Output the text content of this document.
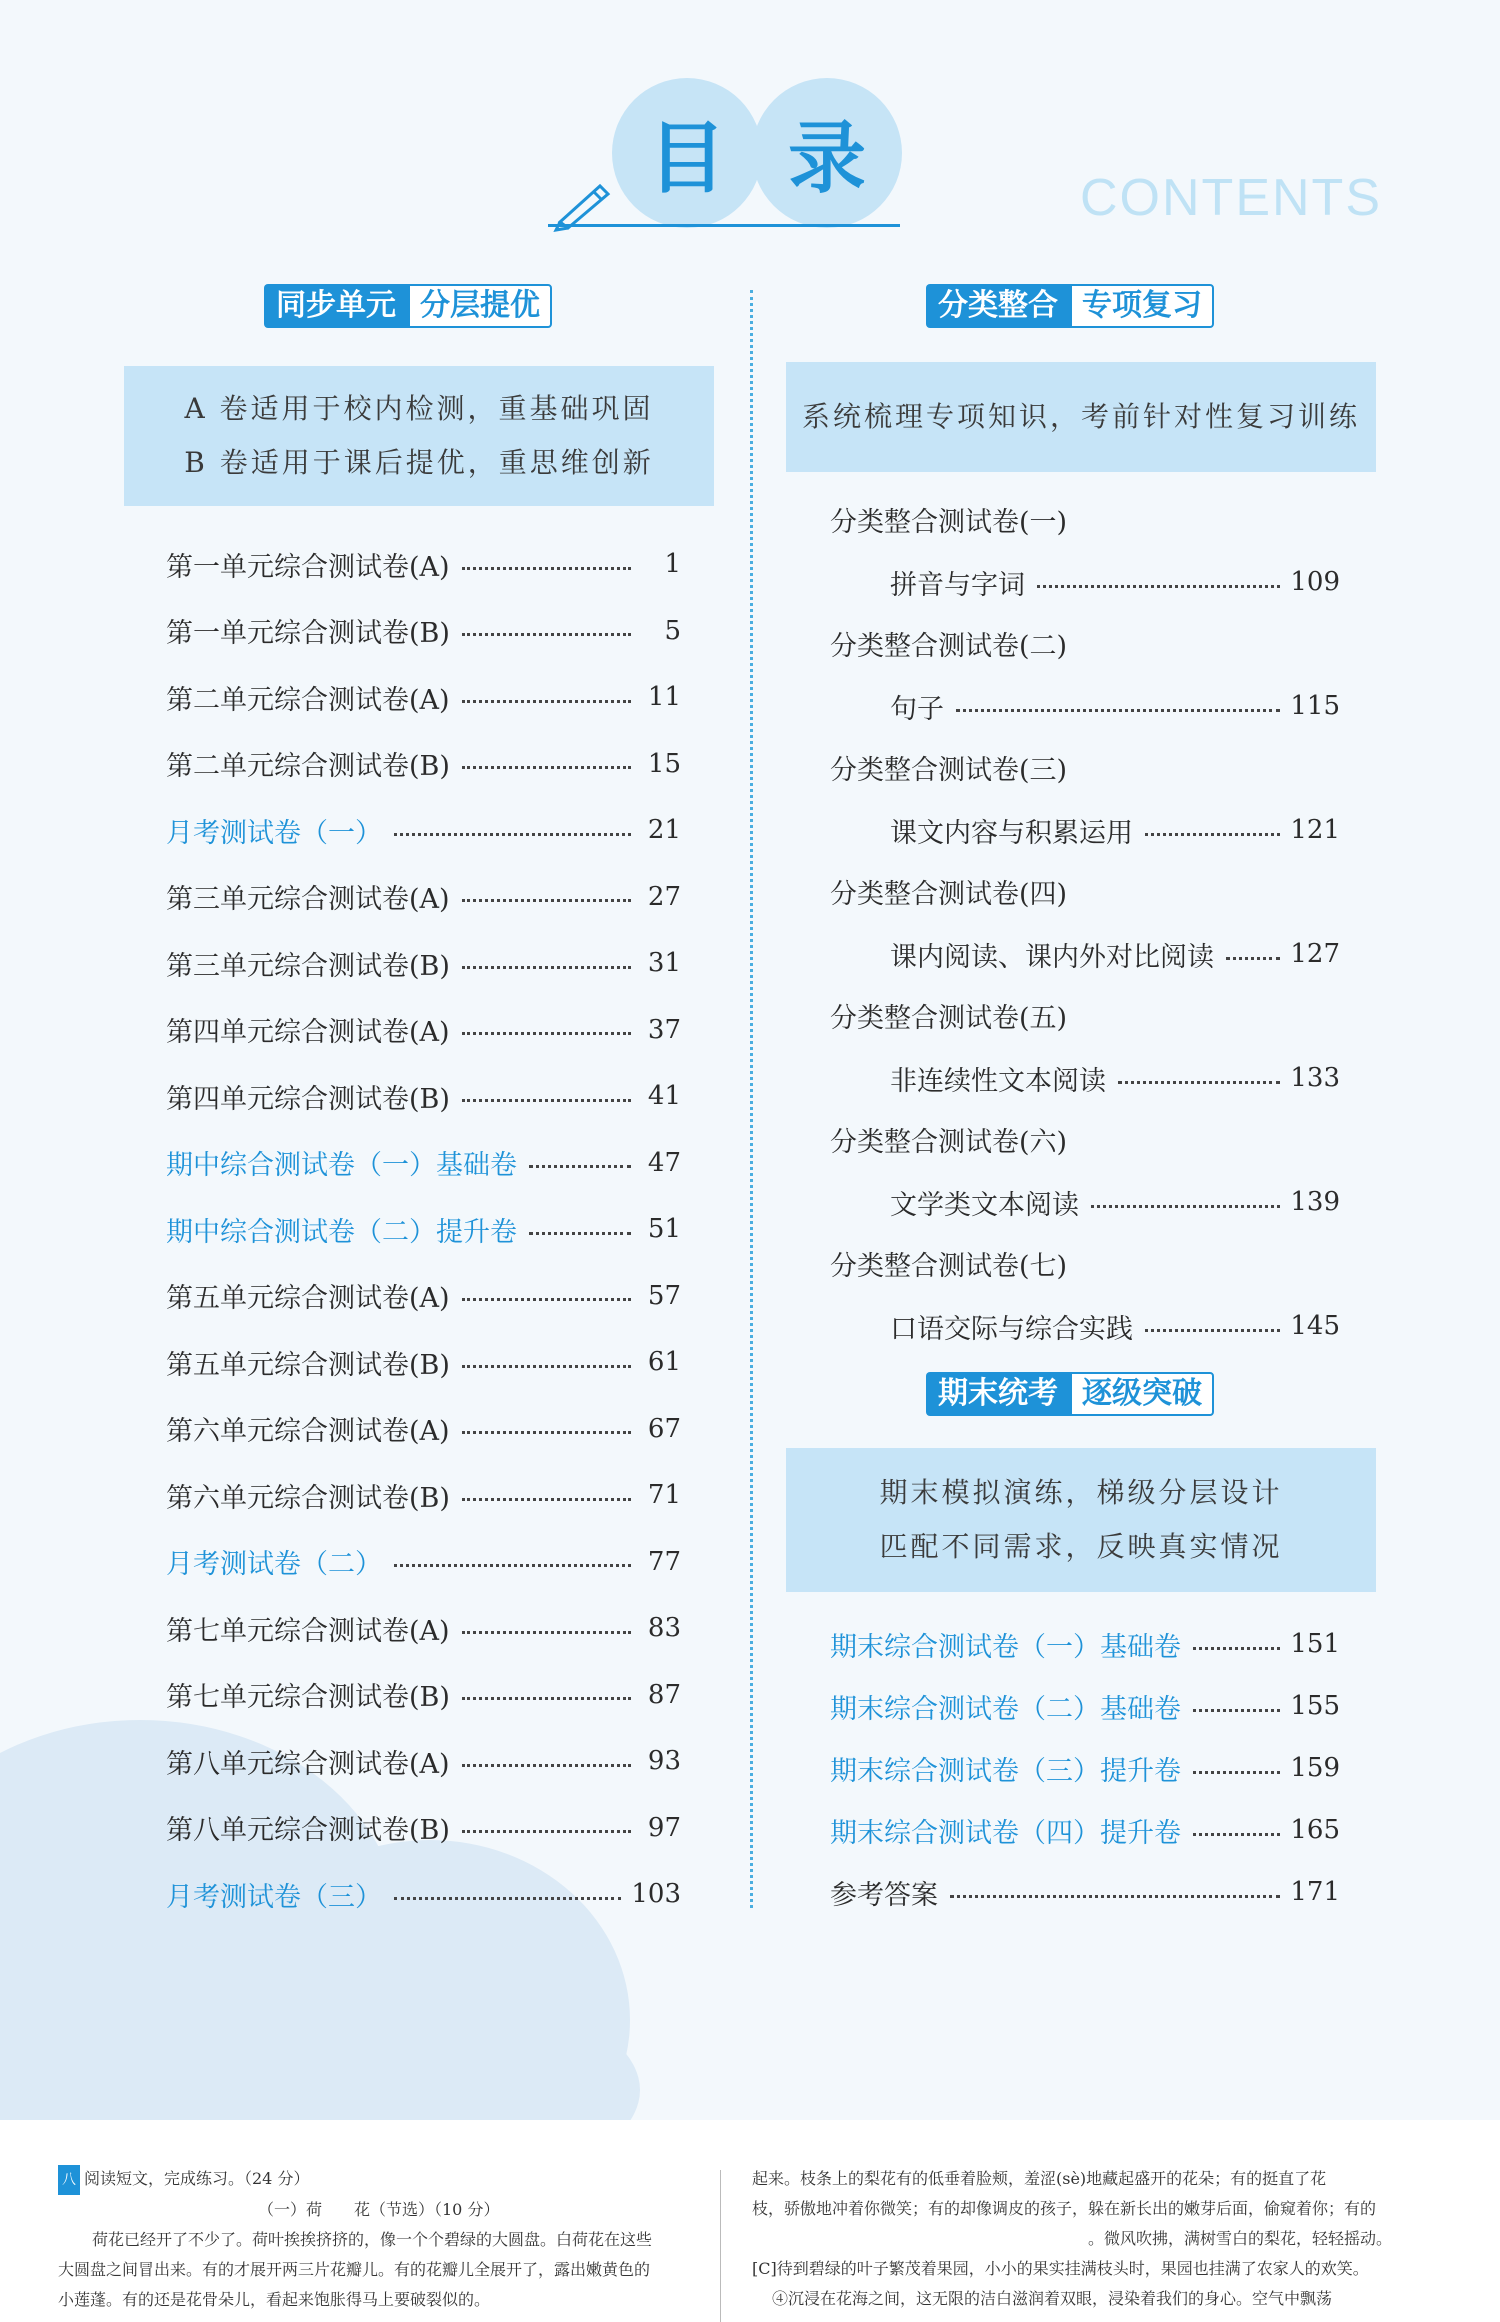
目 录	CONTENTS
同步单元 分层提优
A 卷适用于校内检测，重基础巩固
B 卷适用于课后提优，重思维创新
第一单元综合测试卷(A)	1
第一单元综合测试卷(B)	5
第二单元综合测试卷(A)	11
第二单元综合测试卷(B)	15
月考测试卷（一）	21
第三单元综合测试卷(A)	27
第三单元综合测试卷(B)	31
第四单元综合测试卷(A)	37
第四单元综合测试卷(B)	41
期中综合测试卷（一）基础卷	47
期中综合测试卷（二）提升卷	51
第五单元综合测试卷(A)	57
第五单元综合测试卷(B)	61
第六单元综合测试卷(A)	67
第六单元综合测试卷(B)	71
月考测试卷（二）	77
第七单元综合测试卷(A)	83
第七单元综合测试卷(B)	87
第八单元综合测试卷(A)	93
第八单元综合测试卷(B)	97
月考测试卷（三）	103
分类整合 专项复习
系统梳理专项知识，考前针对性复习训练
分类整合测试卷(一)
拼音与字词	109
分类整合测试卷(二)
句子	115
分类整合测试卷(三)
课文内容与积累运用	121
分类整合测试卷(四)
课内阅读、课内外对比阅读	127
分类整合测试卷(五)
非连续性文本阅读	133
分类整合测试卷(六)
文学类文本阅读	139
分类整合测试卷(七)
口语交际与综合实践	145
期末统考 逐级突破
期末模拟演练，梯级分层设计
匹配不同需求，反映真实情况
期末综合测试卷（一）基础卷	151
期末综合测试卷（二）基础卷	155
期末综合测试卷（三）提升卷	159
期末综合测试卷（四）提升卷	165
参考答案	171

八 阅读短文，完成练习。（24 分）

（一）荷　　花（节选）（10 分）

荷花已经开了不少了。荷叶挨挨挤挤的，像一个个碧绿的大圆盘。白荷花在这些

大圆盘之间冒出来。有的才展开两三片花瓣儿。有的花瓣儿全展开了，露出嫩黄色的

小莲蓬。有的还是花骨朵儿，看起来饱胀得马上要破裂似的。

起来。枝条上的梨花有的低垂着脸颊，羞涩(sè)地藏起盛开的花朵；有的挺直了花

枝，骄傲地冲着你微笑；有的却像调皮的孩子，躲在新长出的嫩芽后面，偷窥着你；有的

。微风吹拂，满树雪白的梨花，轻轻摇动。

[C]待到碧绿的叶子繁茂着果园，小小的果实挂满枝头时，果园也挂满了农家人的欢笑。

④沉浸在花海之间，这无限的洁白滋润着双眼，浸染着我们的身心。空气中飘荡
